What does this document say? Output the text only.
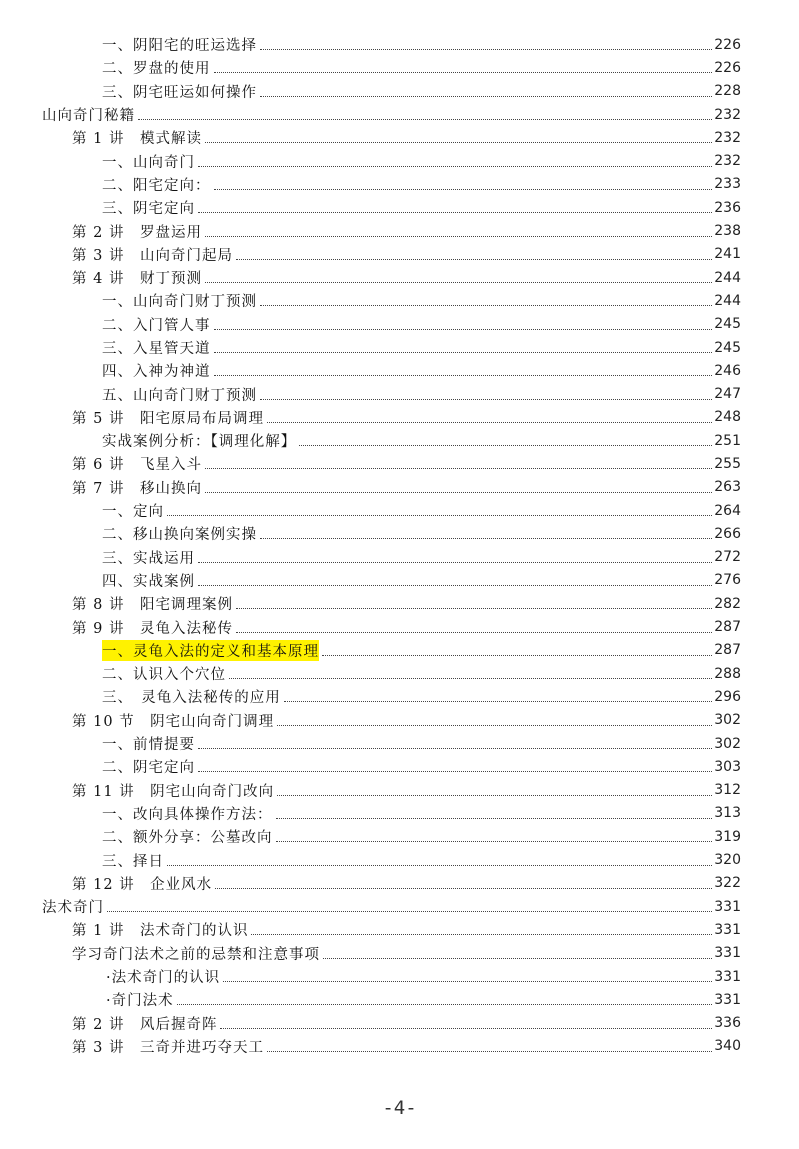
一、阴阳宅的旺运选择	226
二、罗盘的使用	226
三、阴宅旺运如何操作	228
山向奇门秘籍	232
第 1 讲　模式解读	232
一、山向奇门	232
二、阳宅定向：	233
三、阴宅定向	236
第 2 讲　罗盘运用	238
第 3 讲　山向奇门起局	241
第 4 讲　财丁预测	244
一、山向奇门财丁预测	244
二、入门管人事	245
三、入星管天道	245
四、入神为神道	246
五、山向奇门财丁预测	247
第 5 讲　阳宅原局布局调理	248
实战案例分析：【调理化解】	251
第 6 讲　飞星入斗	255
第 7 讲　移山换向	263
一、定向	264
二、移山换向案例实操	266
三、实战运用	272
四、实战案例	276
第 8 讲　阳宅调理案例	282
第 9 讲　灵龟入法秘传	287
一、灵龟入法的定义和基本原理	287
二、认识入个穴位	288
三、　灵龟入法秘传的应用	296
第 10 节　阴宅山向奇门调理	302
一、前情提要	302
二、阴宅定向	303
第 11 讲　阴宅山向奇门改向	312
一、改向具体操作方法：	313
二、额外分享：公墓改向	319
三、择日	320
第 12 讲　企业风水	322
法术奇门	331
第 1 讲　法术奇门的认识	331
学习奇门法术之前的忌禁和注意事项	331
·法术奇门的认识	331
·奇门法术	331
第 2 讲　风后握奇阵	336
第 3 讲　三奇并进巧夺天工	340
-4-
